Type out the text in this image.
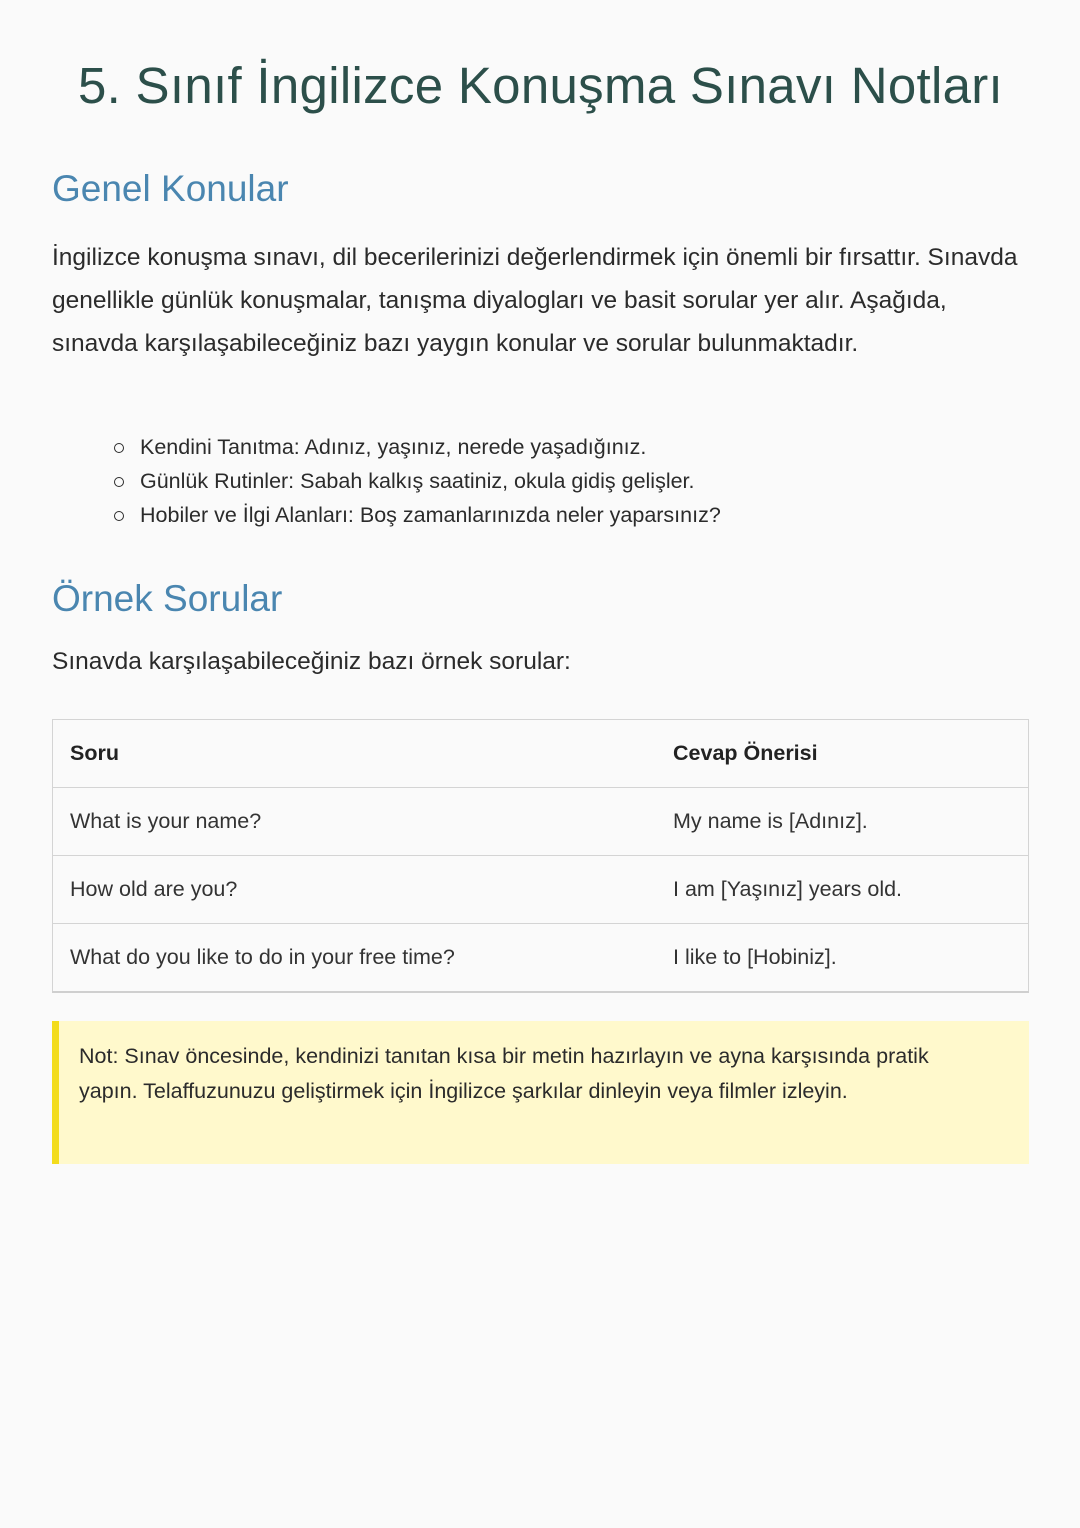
5. Sınıf İngilizce Konuşma Sınavı Notları
Genel Konular

İngilizce konuşma sınavı, dil becerilerinizi değerlendirmek için önemli bir fırsattır. Sınavda genellikle günlük konuşmalar, tanışma diyalogları ve basit sorular yer alır. Aşağıda, sınavda karşılaşabileceğiniz bazı yaygın konular ve sorular bulunmaktadır.

Kendini Tanıtma: Adınız, yaşınız, nerede yaşadığınız.
Günlük Rutinler: Sabah kalkış saatiniz, okula gidiş gelişler.
Hobiler ve İlgi Alanları: Boş zamanlarınızda neler yaparsınız?
Örnek Sorular

Sınavda karşılaşabileceğiniz bazı örnek sorular:

Soru	Cevap Önerisi
What is your name?	My name is [Adınız].
How old are you?	I am [Yaşınız] years old.
What do you like to do in your free time?	I like to [Hobiniz].
Not: Sınav öncesinde, kendinizi tanıtan kısa bir metin hazırlayın ve ayna karşısında pratik yapın. Telaffuzunuzu geliştirmek için İngilizce şarkılar dinleyin veya filmler izleyin.
